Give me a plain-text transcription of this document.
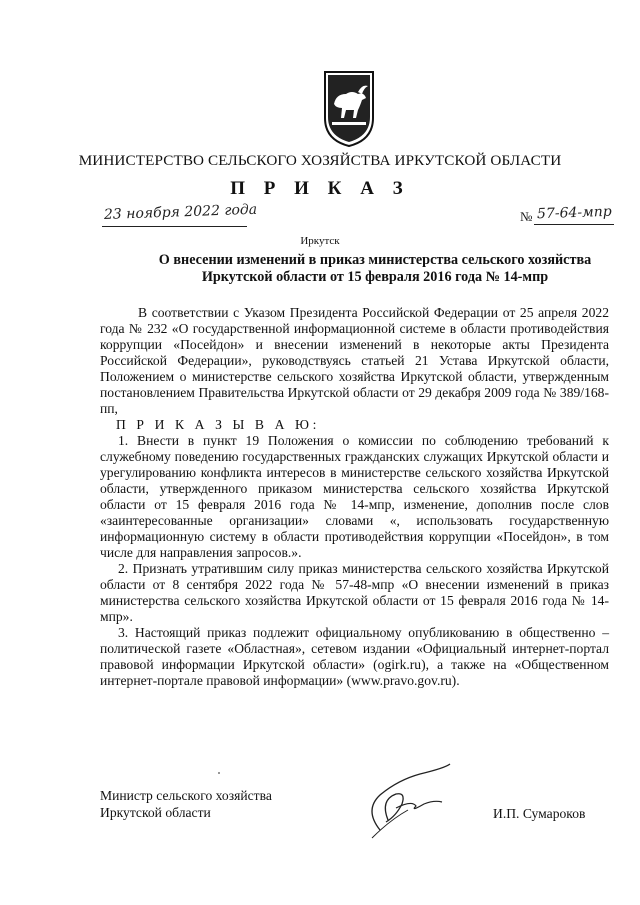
МИНИСТЕРСТВО СЕЛЬСКОГО ХОЗЯЙСТВА ИРКУТСКОЙ ОБЛАСТИ
П Р И К А З
23 ноября 2022 года	№ 57-64-мпр
Иркутск
О внесении изменений в приказ министерства сельского хозяйства
Иркутской области от 15 февраля 2016 года № 14-мпр

В соответствии с Указом Президента Российской Федерации от 25 апреля 2022 года № 232 «О государственной информационной системе в области противодействия коррупции «Посейдон» и внесении изменений в некоторые акты Президента Российской Федерации», руководствуясь статьей 21 Устава Иркутской области, Положением о министерстве сельского хозяйства Иркутской области, утвержденным постановлением Правительства Иркутской области от 29 декабря 2009 года № 389/168-пп,

П Р И К А З Ы В А Ю:

1. Внести в пункт 19 Положения о комиссии по соблюдению требований к служебному поведению государственных гражданских служащих Иркутской области и урегулированию конфликта интересов в министерстве сельского хозяйства Иркутской области, утвержденного приказом министерства сельского хозяйства Иркутской области от 15 февраля 2016 года № 14-мпр, изменение, дополнив после слов «заинтересованные организации» словами «, использовать государственную информационную систему в области противодействия коррупции «Посейдон», в том числе для направления запросов.».

2. Признать утратившим силу приказ министерства сельского хозяйства Иркутской области от 8 сентября 2022 года № 57-48-мпр «О внесении изменений в приказ министерства сельского хозяйства Иркутской области от 15 февраля 2016 года № 14-мпр».

3. Настоящий приказ подлежит официальному опубликованию в общественно – политической газете «Областная», сетевом издании «Официальный интернет-портал правовой информации Иркутской области» (ogirk.ru), а также на «Общественном интернет-портале правовой информации» (www.pravo.gov.ru).

Министр сельского хозяйства
Иркутской области	И.П. Сумароков
